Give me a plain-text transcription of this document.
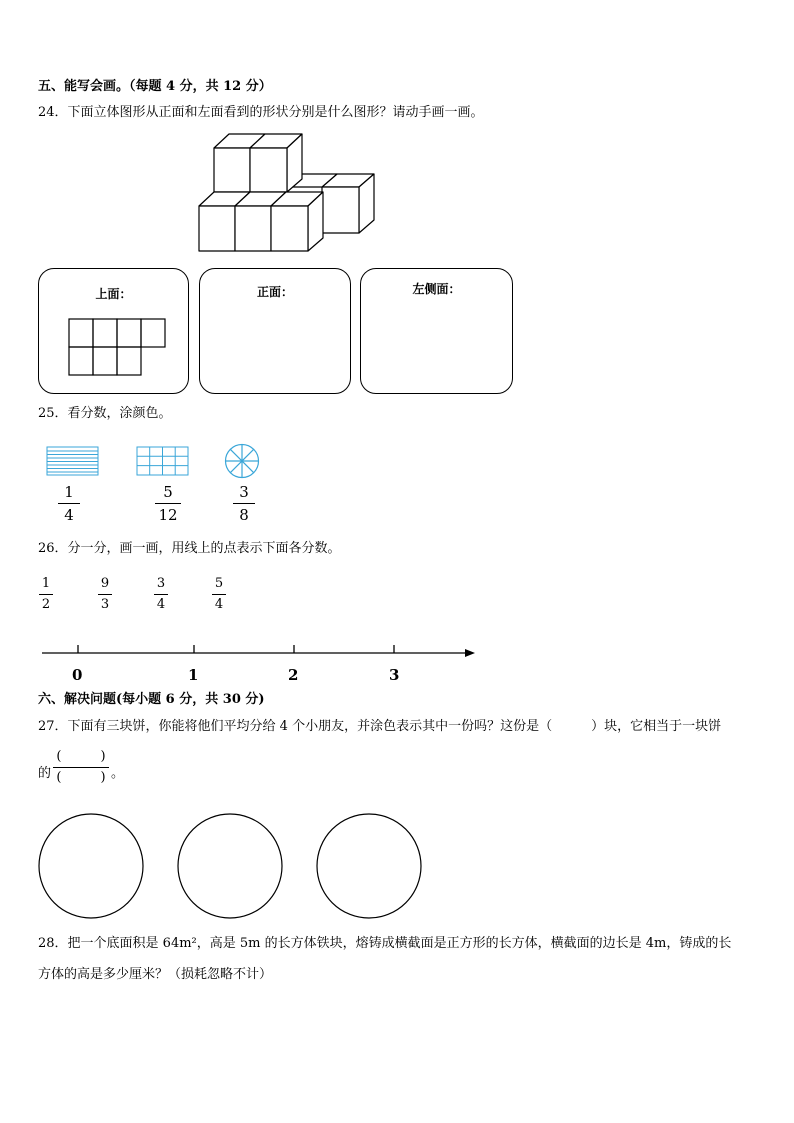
五、能写会画。（每题 4 分，共 12 分）
24．下面立体图形从正面和左面看到的形状分别是什么图形？请动手画一画。
上面：	正面：	左侧面：
25．看分数，涂颜色。
1
4
5
12
3
8
26．分一分，画一画，用线上的点表示下面各分数。
1
2
9
3
3
4
5
4
0	1	2	3
六、解决问题(每小题 6 分，共 30 分)
27．下面有三块饼，你能将他们平均分给 4 个小朋友，并涂色表示其中一份吗？这份是（　　　）块，它相当于一块饼
的
(　　　)
(　　　) 。
28．把一个底面积是 64m²，高是 5m 的长方体铁块，熔铸成横截面是正方形的长方体，横截面的边长是 4m，铸成的长
方体的高是多少厘米？（损耗忽略不计）
